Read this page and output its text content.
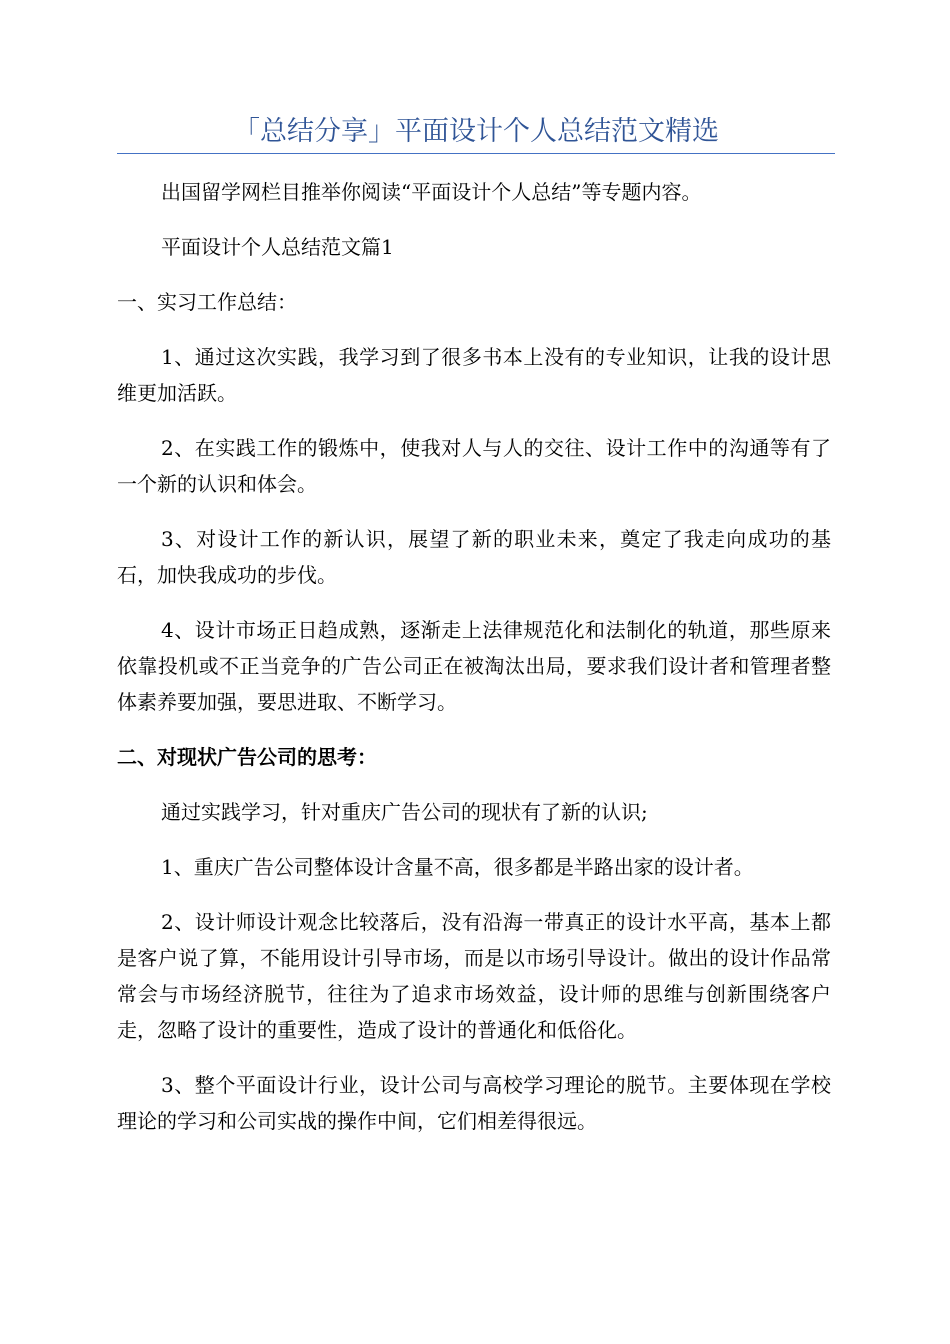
「总结分享」平面设计个人总结范文精选

出国留学网栏目推举你阅读“平面设计个人总结”等专题内容。

平面设计个人总结范文篇1

一、实习工作总结：

1、通过这次实践，我学习到了很多书本上没有的专业知识，让我的设计思维更加活跃。

2、在实践工作的锻炼中，使我对人与人的交往、设计工作中的沟通等有了一个新的认识和体会。

3、对设计工作的新认识，展望了新的职业未来，奠定了我走向成功的基石，加快我成功的步伐。

4、设计市场正日趋成熟，逐渐走上法律规范化和法制化的轨道，那些原来依靠投机或不正当竞争的广告公司正在被淘汰出局，要求我们设计者和管理者整体素养要加强，要思进取、不断学习。

二、对现状广告公司的思考：

通过实践学习，针对重庆广告公司的现状有了新的认识;

1、重庆广告公司整体设计含量不高，很多都是半路出家的设计者。

2、设计师设计观念比较落后，没有沿海一带真正的设计水平高，基本上都是客户说了算，不能用设计引导市场，而是以市场引导设计。做出的设计作品常常会与市场经济脱节，往往为了追求市场效益，设计师的思维与创新围绕客户走，忽略了设计的重要性，造成了设计的普通化和低俗化。

3、整个平面设计行业，设计公司与高校学习理论的脱节。主要体现在学校理论的学习和公司实战的操作中间，它们相差得很远。
